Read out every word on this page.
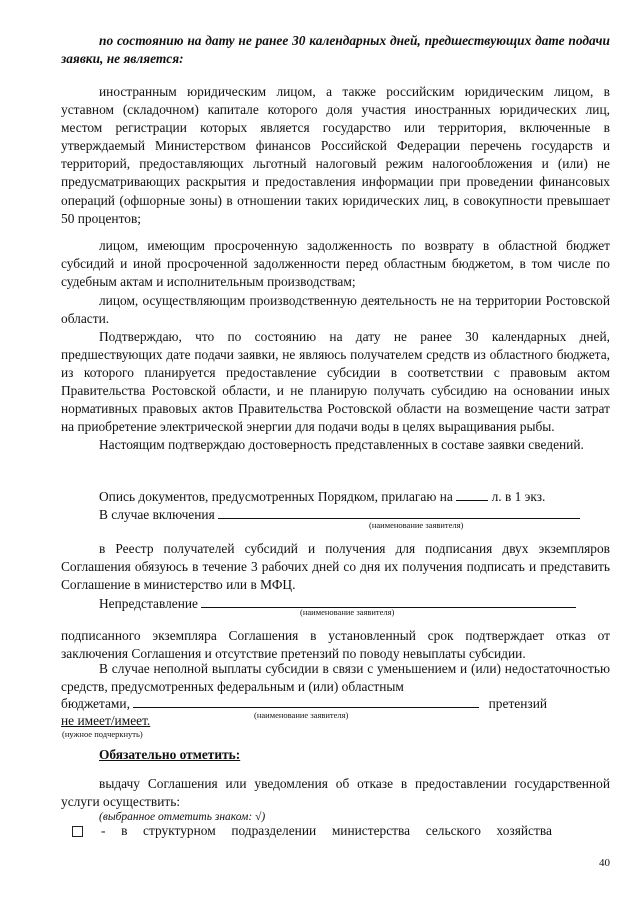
по состоянию на дату не ранее 30 календарных дней, предшествующих дате подачи заявки, не является:

иностранным юридическим лицом, а также российским юридическим лицом, в уставном (складочном) капитале которого доля участия иностранных юридических лиц, местом регистрации которых является государство или территория, включенные в утверждаемый Министерством финансов Российской Федерации перечень государств и территорий, предоставляющих льготный налоговый режим налогообложения и (или) не предусматривающих раскрытия и предоставления информации при проведении финансовых операций (офшорные зоны) в отношении таких юридических лиц, в совокупности превышает 50 процентов;

лицом, имеющим просроченную задолженность по возврату в областной бюджет субсидий и иной просроченной задолженности перед областным бюджетом, в том числе по судебным актам и исполнительным производствам;

лицом, осуществляющим производственную деятельность не на территории Ростовской области.

Подтверждаю, что по состоянию на дату не ранее 30 календарных дней, предшествующих дате подачи заявки, не являюсь получателем средств из областного бюджета, из которого планируется предоставление субсидии в соответствии с правовым актом Правительства Ростовской области, и не планирую получать субсидию на основании иных нормативных правовых актов Правительства Ростовской области на возмещение части затрат на приобретение электрической энергии для подачи воды в целях выращивания рыбы.

Настоящим подтверждаю достоверность представленных в составе заявки сведений.

Опись документов, предусмотренных Порядком, прилагаю на	л. в 1 экз.

В случае включения

(наименование заявителя)

в Реестр получателей субсидий и получения для подписания двух экземпляров Соглашения обязуюсь в течение 3 рабочих дней со дня их получения подписать и представить Соглашение в министерство или в МФЦ.

Непредставление

(наименование заявителя)

подписанного экземпляра Соглашения в установленный срок подтверждает отказ от заключения Соглашения и отсутствие претензий по поводу невыплаты субсидии.

В случае неполной выплаты субсидии в связи с уменьшением и (или) недостаточностью средств, предусмотренных федеральным и (или) областным

бюджетами,	претензий

(наименование заявителя)

не имеет/имеет.

(нужное подчеркнуть)

Обязательно отметить:

выдачу Соглашения или уведомления об отказе в предоставлении государственной услуги осуществить:

(выбранное отметить знаком: √)

- в структурном подразделении министерства сельского хозяйства
40
